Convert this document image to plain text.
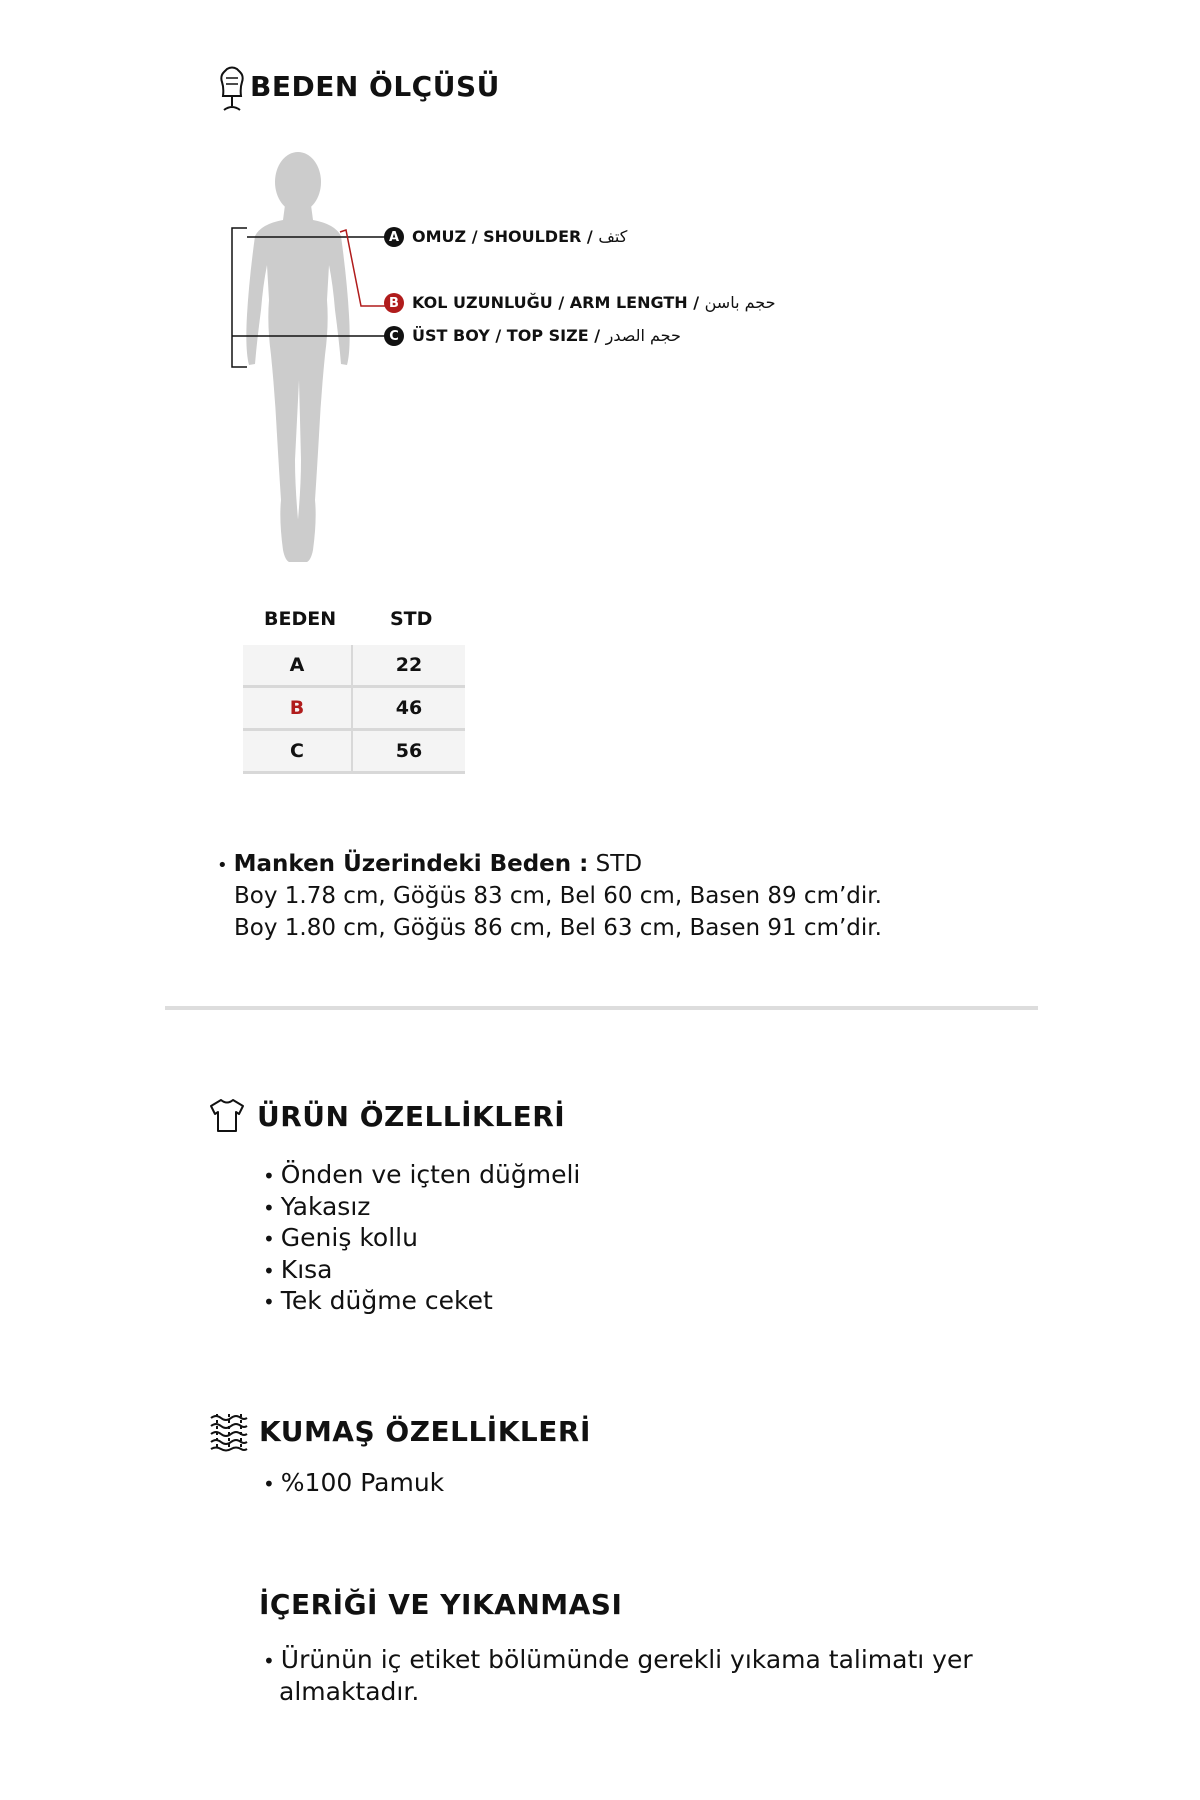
BEDEN ÖLÇÜSÜ
A OMUZ / SHOULDER / كتف
B KOL UZUNLUĞU / ARM LENGTH / حجم باسن
C ÜST BOY / TOP SIZE / حجم الصدر
BEDEN	STD
A	22
B	46
C	56
• Manken Üzerindeki Beden : STD
Boy 1.78 cm, Göğüs 83 cm, Bel 60 cm, Basen 89 cm’dir.
Boy 1.80 cm, Göğüs 86 cm, Bel 63 cm, Basen 91 cm’dir.
ÜRÜN ÖZELLİKLERİ
• Önden ve içten düğmeli
• Yakasız
• Geniş kollu
• Kısa
• Tek düğme ceket
KUMAŞ ÖZELLİKLERİ
• %100 Pamuk
İÇERİĞİ VE YIKANMASI
• Ürünün iç etiket bölümünde gerekli yıkama talimatı yer
almaktadır.
